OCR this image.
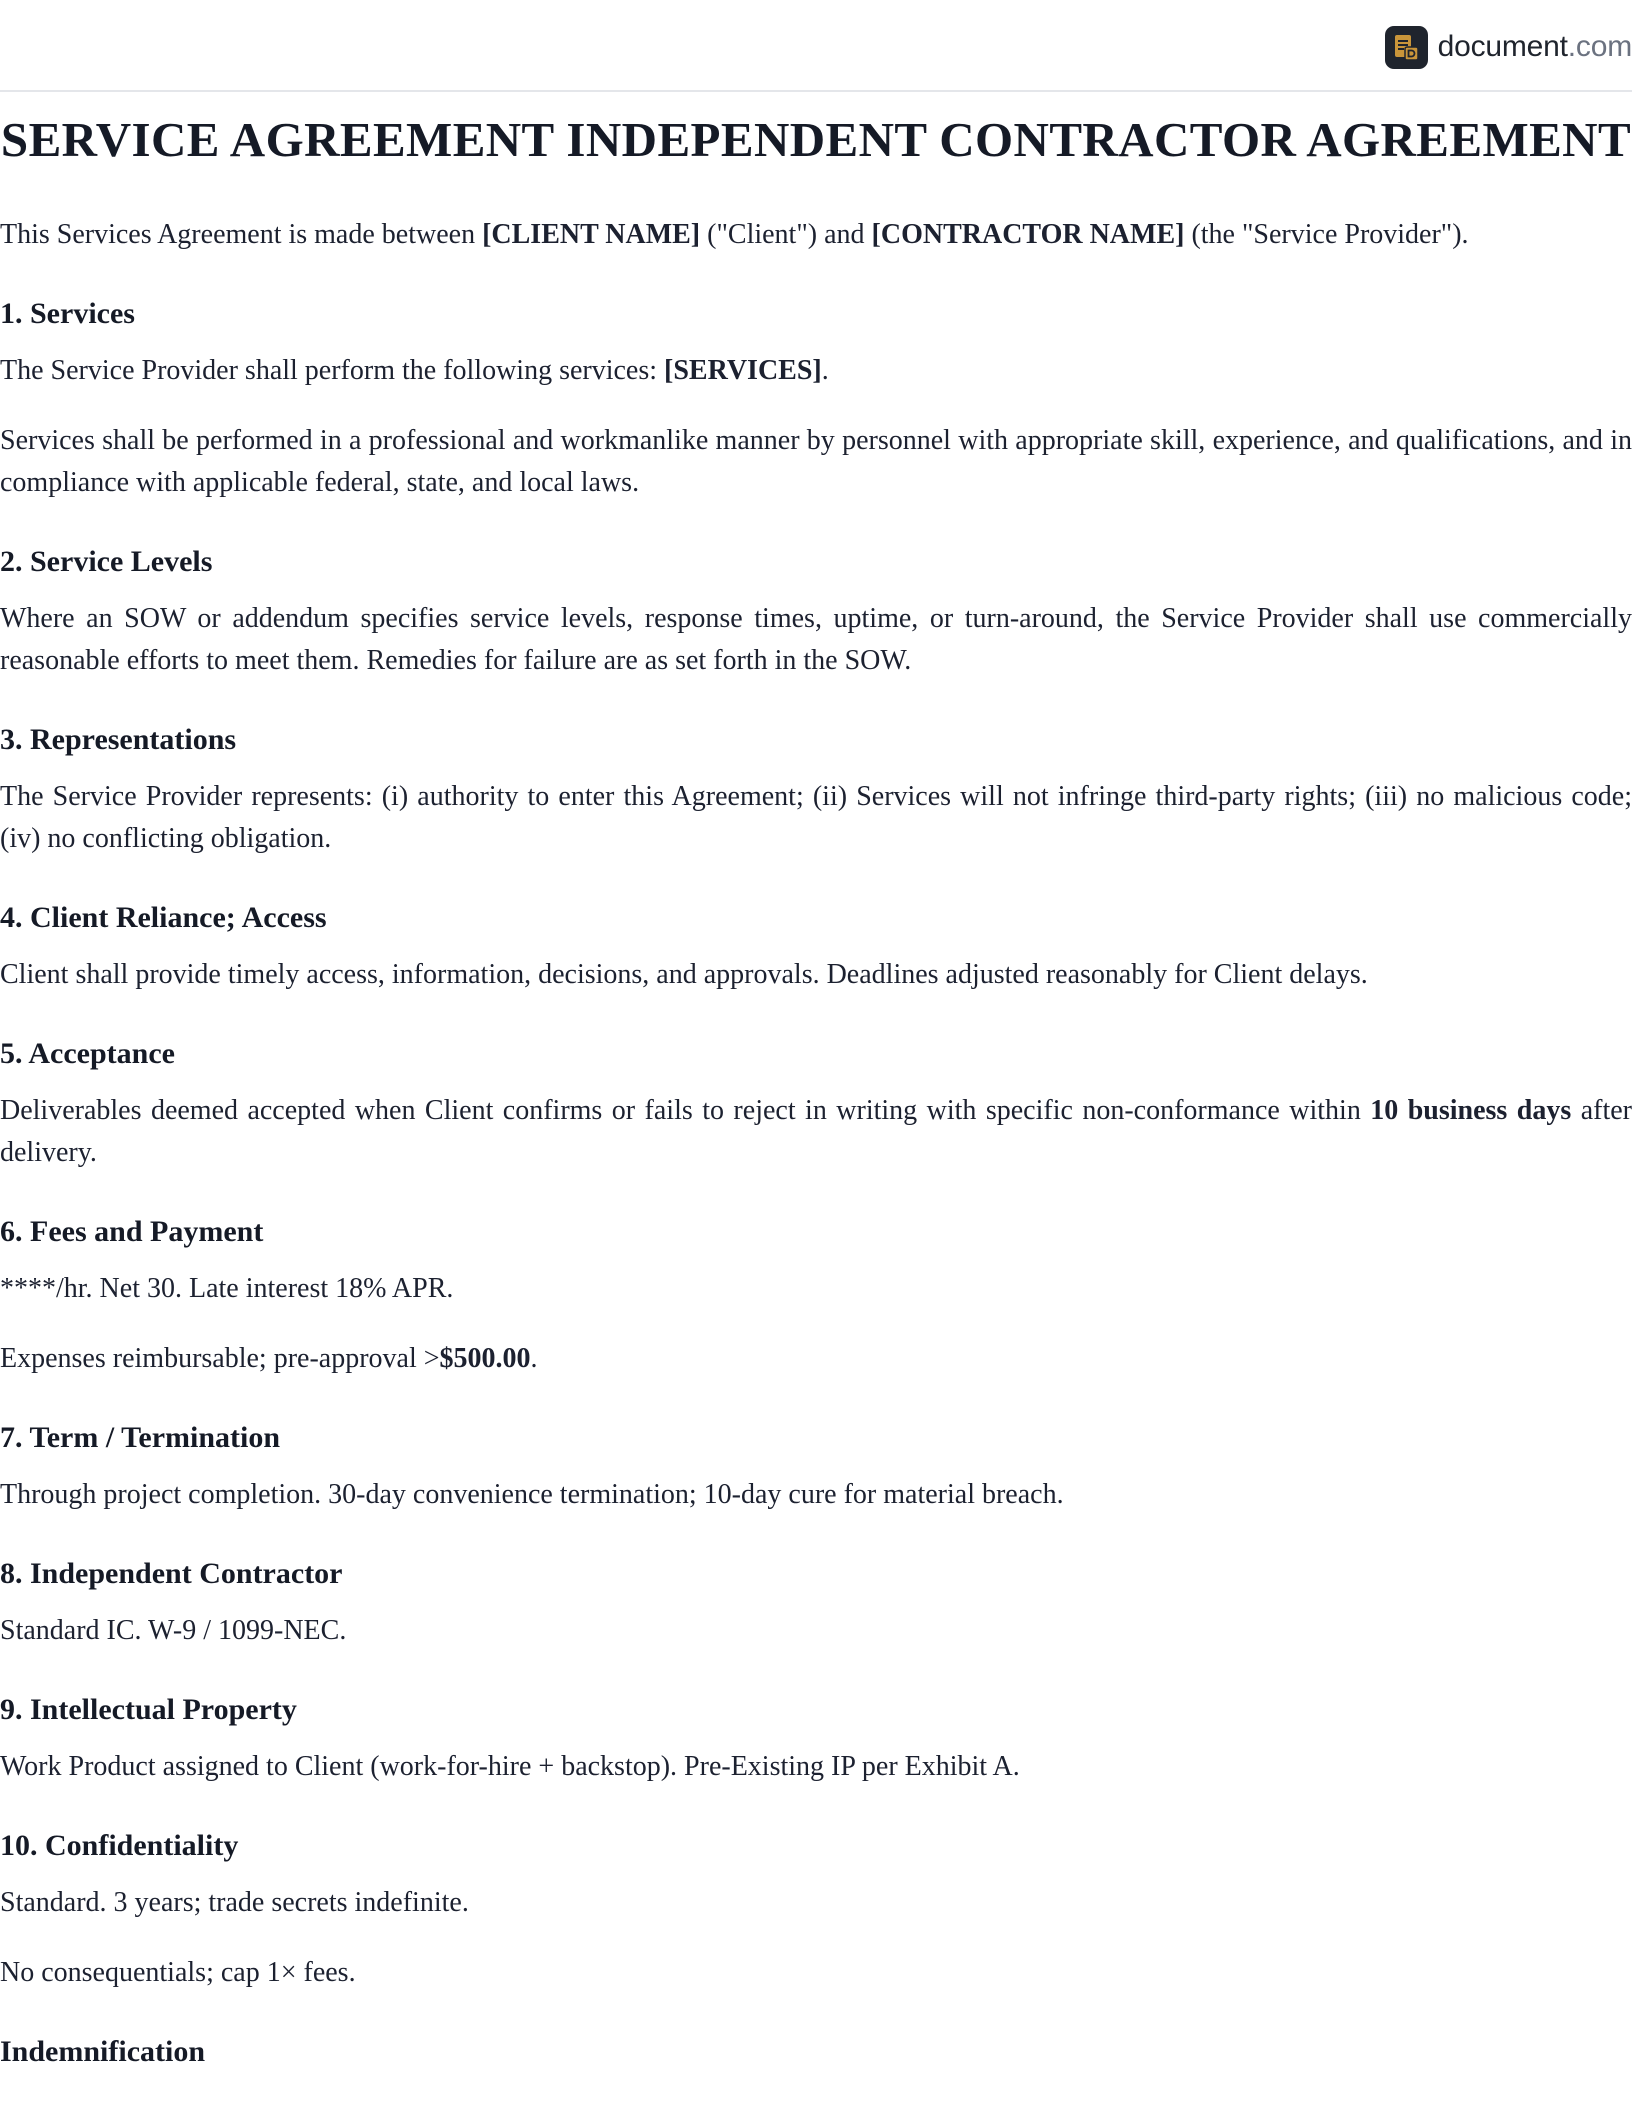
document.com
SERVICE AGREEMENT INDEPENDENT CONTRACTOR AGREEMENT

This Services Agreement is made between [CLIENT NAME] ("Client") and [CONTRACTOR NAME] (the "Service Provider").

1. Services

The Service Provider shall perform the following services: [SERVICES].

Services shall be performed in a professional and workmanlike manner by personnel with appropriate skill, experience, and qualifications, and in compliance with applicable federal, state, and local laws.

2. Service Levels

Where an SOW or addendum specifies service levels, response times, uptime, or turn-around, the Service Provider shall use commercially reasonable efforts to meet them. Remedies for failure are as set forth in the SOW.

3. Representations

The Service Provider represents: (i) authority to enter this Agreement; (ii) Services will not infringe third-party rights; (iii) no malicious code; (iv) no conflicting obligation.

4. Client Reliance; Access

Client shall provide timely access, information, decisions, and approvals. Deadlines adjusted reasonably for Client delays.

5. Acceptance

Deliverables deemed accepted when Client confirms or fails to reject in writing with specific non-conformance within 10 business days after delivery.

6. Fees and Payment

****/hr. Net 30. Late interest 18% APR.

Expenses reimbursable; pre-approval >$500.00.

7. Term / Termination

Through project completion. 30-day convenience termination; 10-day cure for material breach.

8. Independent Contractor

Standard IC. W-9 / 1099-NEC.

9. Intellectual Property

Work Product assigned to Client (work-for-hire + backstop). Pre-Existing IP per Exhibit A.

10. Confidentiality

Standard. 3 years; trade secrets indefinite.

No consequentials; cap 1× fees.

Indemnification
